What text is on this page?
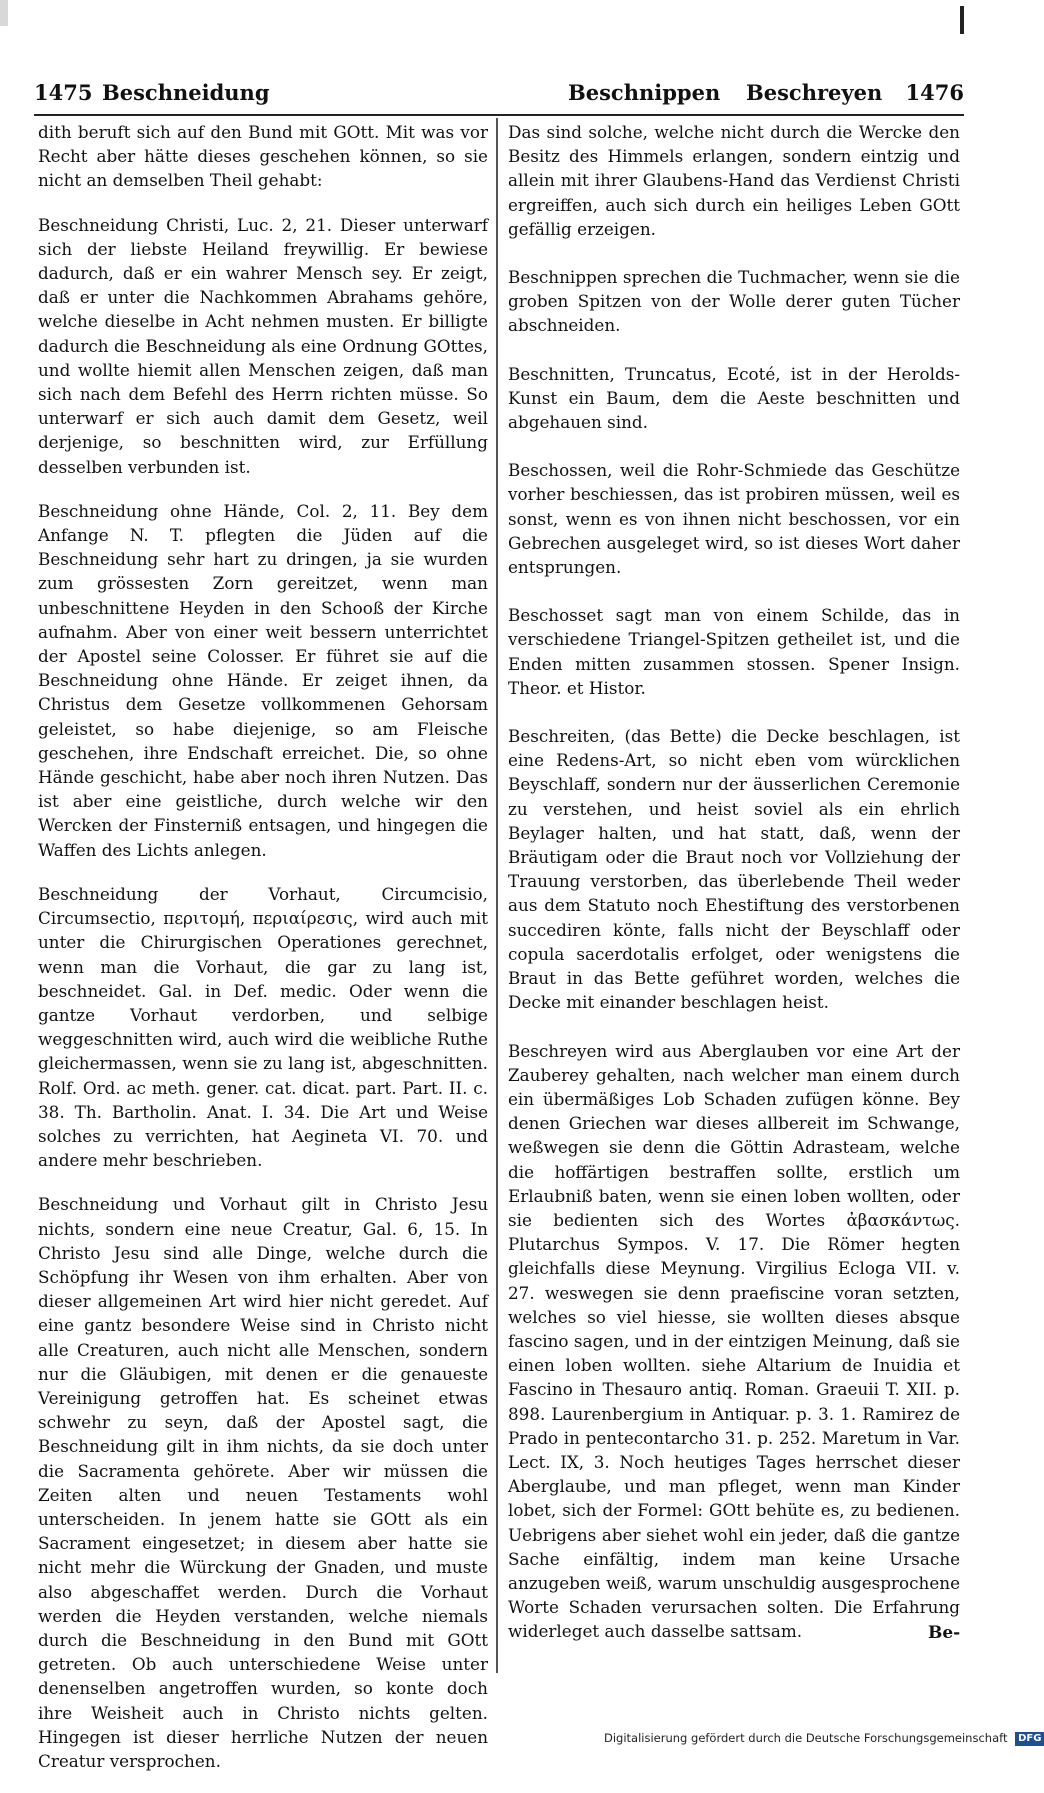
1475 Beschneidung	Beschnippen Beschreyen 1476

dith beruft sich auf den Bund mit GOtt. Mit was vor Recht aber hätte dieses geschehen können, so sie nicht an demselben Theil gehabt:

Beschneidung Christi, Luc. 2, 21. Dieser unterwarf sich der liebste Heiland freywillig. Er bewiese dadurch, daß er ein wahrer Mensch sey. Er zeigt, daß er unter die Nachkommen Abrahams gehöre, welche dieselbe in Acht nehmen musten. Er billigte dadurch die Beschneidung als eine Ordnung GOttes, und wollte hiemit allen Menschen zeigen, daß man sich nach dem Befehl des Herrn richten müsse. So unterwarf er sich auch damit dem Gesetz, weil derjenige, so beschnitten wird, zur Erfüllung desselben verbunden ist.

Beschneidung ohne Hände, Col. 2, 11. Bey dem Anfange N. T. pflegten die Jüden auf die Beschneidung sehr hart zu dringen, ja sie wurden zum grössesten Zorn gereitzet, wenn man unbeschnittene Heyden in den Schooß der Kirche aufnahm. Aber von einer weit bessern unterrichtet der Apostel seine Colosser. Er führet sie auf die Beschneidung ohne Hände. Er zeiget ihnen, da Christus dem Gesetze vollkommenen Gehorsam geleistet, so habe diejenige, so am Fleische geschehen, ihre Endschaft erreichet. Die, so ohne Hände geschicht, habe aber noch ihren Nutzen. Das ist aber eine geistliche, durch welche wir den Wercken der Finsterniß entsagen, und hingegen die Waffen des Lichts anlegen.

Beschneidung der Vorhaut, Circumcisio, Circumsectio, περιτομή, περιαίρεσις, wird auch mit unter die Chirurgischen Operationes gerechnet, wenn man die Vorhaut, die gar zu lang ist, beschneidet. Gal. in Def. medic. Oder wenn die gantze Vorhaut verdorben, und selbige weggeschnitten wird, auch wird die weibliche Ruthe gleichermassen, wenn sie zu lang ist, abgeschnitten. Rolf. Ord. ac meth. gener. cat. dicat. part. Part. II. c. 38. Th. Bartholin. Anat. I. 34. Die Art und Weise solches zu verrichten, hat Aegineta VI. 70. und andere mehr beschrieben.

Beschneidung und Vorhaut gilt in Christo Jesu nichts, sondern eine neue Creatur, Gal. 6, 15. In Christo Jesu sind alle Dinge, welche durch die Schöpfung ihr Wesen von ihm erhalten. Aber von dieser allgemeinen Art wird hier nicht geredet. Auf eine gantz besondere Weise sind in Christo nicht alle Creaturen, auch nicht alle Menschen, sondern nur die Gläubigen, mit denen er die genaueste Vereinigung getroffen hat. Es scheinet etwas schwehr zu seyn, daß der Apostel sagt, die Beschneidung gilt in ihm nichts, da sie doch unter die Sacramenta gehörete. Aber wir müssen die Zeiten alten und neuen Testaments wohl unterscheiden. In jenem hatte sie GOtt als ein Sacrament eingesetzet; in diesem aber hatte sie nicht mehr die Würckung der Gnaden, und muste also abgeschaffet werden. Durch die Vorhaut werden die Heyden verstanden, welche niemals durch die Beschneidung in den Bund mit GOtt getreten. Ob auch unterschiedene Weise unter denenselben angetroffen wurden, so konte doch ihre Weisheit auch in Christo nichts gelten. Hingegen ist dieser herrliche Nutzen der neuen Creatur versprochen.

Das sind solche, welche nicht durch die Wercke den Besitz des Himmels erlangen, sondern eintzig und allein mit ihrer Glaubens-Hand das Verdienst Christi ergreiffen, auch sich durch ein heiliges Leben GOtt gefällig erzeigen.

Beschnippen sprechen die Tuchmacher, wenn sie die groben Spitzen von der Wolle derer guten Tücher abschneiden.

Beschnitten, Truncatus, Ecoté, ist in der Herolds-Kunst ein Baum, dem die Aeste beschnitten und abgehauen sind.

Beschossen, weil die Rohr-Schmiede das Geschütze vorher beschiessen, das ist probiren müssen, weil es sonst, wenn es von ihnen nicht beschossen, vor ein Gebrechen ausgeleget wird, so ist dieses Wort daher entsprungen.

Beschosset sagt man von einem Schilde, das in verschiedene Triangel-Spitzen getheilet ist, und die Enden mitten zusammen stossen. Spener Insign. Theor. et Histor.

Beschreiten, (das Bette) die Decke beschlagen, ist eine Redens-Art, so nicht eben vom würcklichen Beyschlaff, sondern nur der äusserlichen Ceremonie zu verstehen, und heist soviel als ein ehrlich Beylager halten, und hat statt, daß, wenn der Bräutigam oder die Braut noch vor Vollziehung der Trauung verstorben, das überlebende Theil weder aus dem Statuto noch Ehestiftung des verstorbenen succediren könte, falls nicht der Beyschlaff oder copula sacerdotalis erfolget, oder wenigstens die Braut in das Bette geführet worden, welches die Decke mit einander beschlagen heist.

Beschreyen wird aus Aberglauben vor eine Art der Zauberey gehalten, nach welcher man einem durch ein übermäßiges Lob Schaden zufügen könne. Bey denen Griechen war dieses allbereit im Schwange, weßwegen sie denn die Göttin Adrasteam, welche die hoffärtigen bestraffen sollte, erstlich um Erlaubniß baten, wenn sie einen loben wollten, oder sie bedienten sich des Wortes ἀβασκάντως. Plutarchus Sympos. V. 17. Die Römer hegten gleichfalls diese Meynung. Virgilius Ecloga VII. v. 27. weswegen sie denn praefiscine voran setzten, welches so viel hiesse, sie wollten dieses absque fascino sagen, und in der eintzigen Meinung, daß sie einen loben wollten. siehe Altarium de Inuidia et Fascino in Thesauro antiq. Roman. Graeuii T. XII. p. 898. Laurenbergium in Antiquar. p. 3. 1. Ramirez de Prado in pentecontarcho 31. p. 252. Maretum in Var. Lect. IX, 3. Noch heutiges Tages herrschet dieser Aberglaube, und man pfleget, wenn man Kinder lobet, sich der Formel: GOtt behüte es, zu bedienen. Uebrigens aber siehet wohl ein jeder, daß die gantze Sache einfältig, indem man keine Ursache anzugeben weiß, warum unschuldig ausgesprochene Worte Schaden verursachen solten. Die Erfahrung widerleget auch dasselbe sattsam.	Be-
Digitalisierung gefördert durch die Deutsche Forschungsgemeinschaft DFG
